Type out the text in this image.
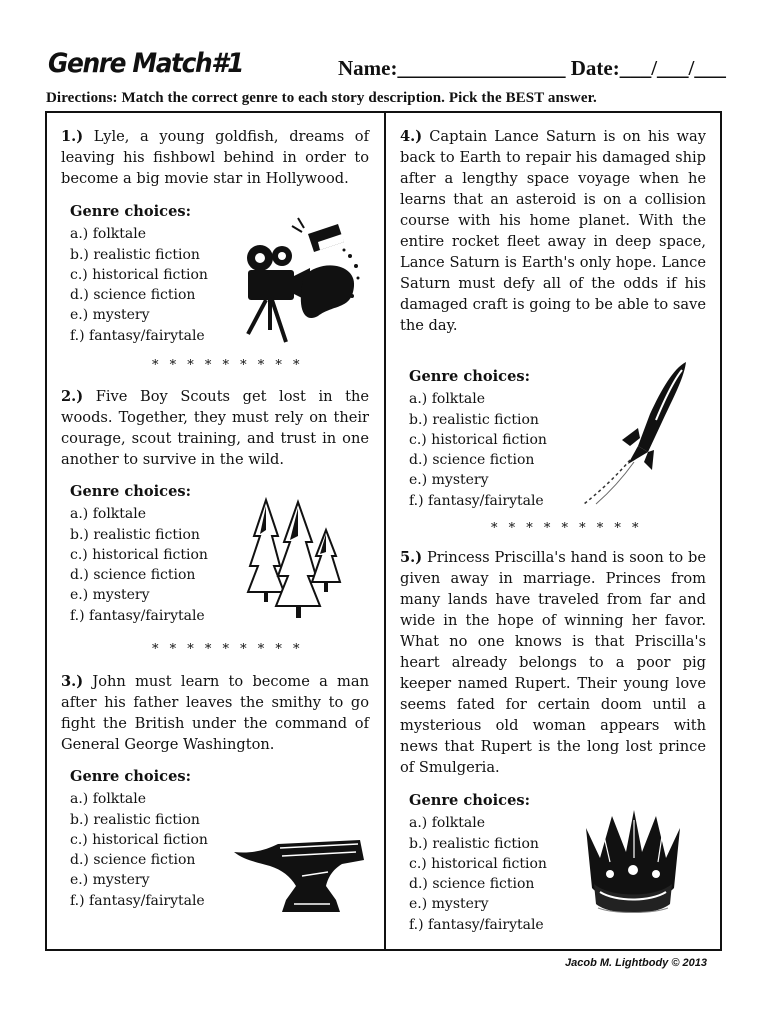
Genre Match#1	Name:________________ Date:___/___/___
Directions: Match the correct genre to each story description. Pick the BEST answer.
1.) Lyle, a young goldfish, dreams of leaving his fishbowl behind in order to become a big movie star in Hollywood.
Genre choices:
a.) folktale
b.) realistic fiction
c.) historical fiction
d.) science fiction
e.) mystery
f.) fantasy/fairytale
* * * * * * * * *
2.) Five Boy Scouts get lost in the woods. Together, they must rely on their courage, scout training, and trust in one another to survive in the wild.
Genre choices:
a.) folktale
b.) realistic fiction
c.) historical fiction
d.) science fiction
e.) mystery
f.) fantasy/fairytale
* * * * * * * * *
3.) John must learn to become a man after his father leaves the smithy to go fight the British under the command of General George Washington.
Genre choices:
a.) folktale
b.) realistic fiction
c.) historical fiction
d.) science fiction
e.) mystery
f.) fantasy/fairytale
4.) Captain Lance Saturn is on his way back to Earth to repair his damaged ship after a lengthy space voyage when he learns that an asteroid is on a collision course with his home planet. With the entire rocket fleet away in deep space, Lance Saturn is Earth's only hope. Lance Saturn must defy all of the odds if his damaged craft is going to be able to save the day.
Genre choices:
a.) folktale
b.) realistic fiction
c.) historical fiction
d.) science fiction
e.) mystery
f.) fantasy/fairytale
* * * * * * * * *
5.) Princess Priscilla's hand is soon to be given away in marriage. Princes from many lands have traveled from far and wide in the hope of winning her favor. What no one knows is that Priscilla's heart already belongs to a poor pig keeper named Rupert. Their young love seems fated for certain doom until a mysterious old woman appears with news that Rupert is the long lost prince of Smulgeria.
Genre choices:
a.) folktale
b.) realistic fiction
c.) historical fiction
d.) science fiction
e.) mystery
f.) fantasy/fairytale
Jacob M. Lightbody © 2013
